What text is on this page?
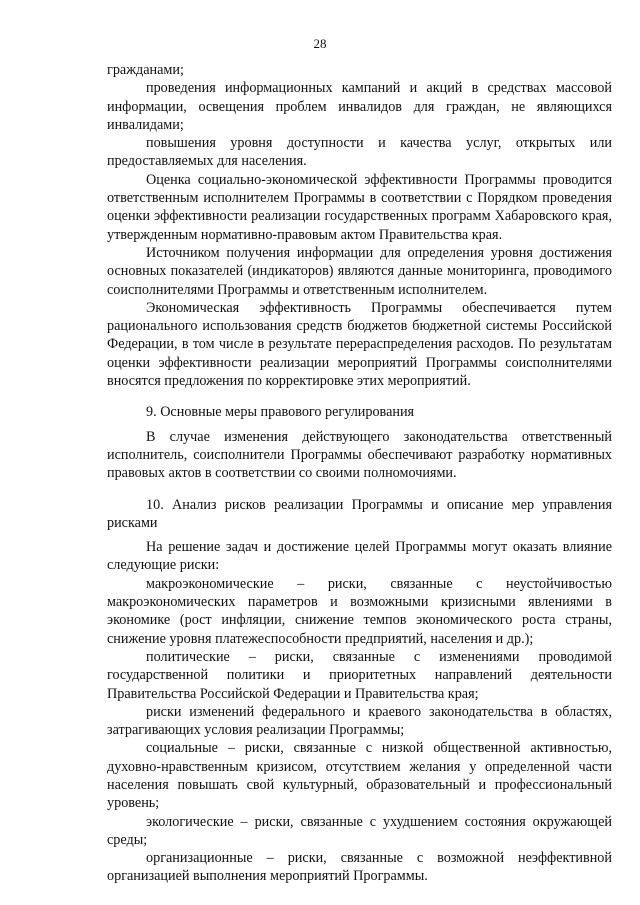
28

гражданами;

проведения информационных кампаний и акций в средствах массовой информации, освещения проблем инвалидов для граждан, не являющихся инвалидами;

повышения уровня доступности и качества услуг, открытых или предоставляемых для населения.

Оценка социально-экономической эффективности Программы проводится ответственным исполнителем Программы в соответствии с Порядком проведения оценки эффективности реализации государственных программ Хабаровского края, утвержденным нормативно-правовым актом Правительства края.

Источником получения информации для определения уровня достижения основных показателей (индикаторов) являются данные мониторинга, проводимого соисполнителями Программы и ответственным исполнителем.

Экономическая эффективность Программы обеспечивается путем рационального использования средств бюджетов бюджетной системы Российской Федерации, в том числе в результате перераспределения расходов. По результатам оценки эффективности реализации мероприятий Программы соисполнителями вносятся предложения по корректировке этих мероприятий.

9. Основные меры правового регулирования

В случае изменения действующего законодательства ответственный исполнитель, соисполнители Программы обеспечивают разработку нормативных правовых актов в соответствии со своими полномочиями.

10. Анализ рисков реализации Программы и описание мер управления рисками

На решение задач и достижение целей Программы могут оказать влияние следующие риски:

макроэкономические – риски, связанные с неустойчивостью макроэкономических параметров и возможными кризисными явлениями в экономике (рост инфляции, снижение темпов экономического роста страны, снижение уровня платежеспособности предприятий, населения и др.);

политические – риски, связанные с изменениями проводимой государственной политики и приоритетных направлений деятельности Правительства Российской Федерации и Правительства края;

риски изменений федерального и краевого законодательства в областях, затрагивающих условия реализации Программы;

социальные – риски, связанные с низкой общественной активностью, духовно-нравственным кризисом, отсутствием желания у определенной части населения повышать свой культурный, образовательный и профессиональный уровень;

экологические – риски, связанные с ухудшением состояния окружающей среды;

организационные – риски, связанные с возможной неэффективной организацией выполнения мероприятий Программы.
